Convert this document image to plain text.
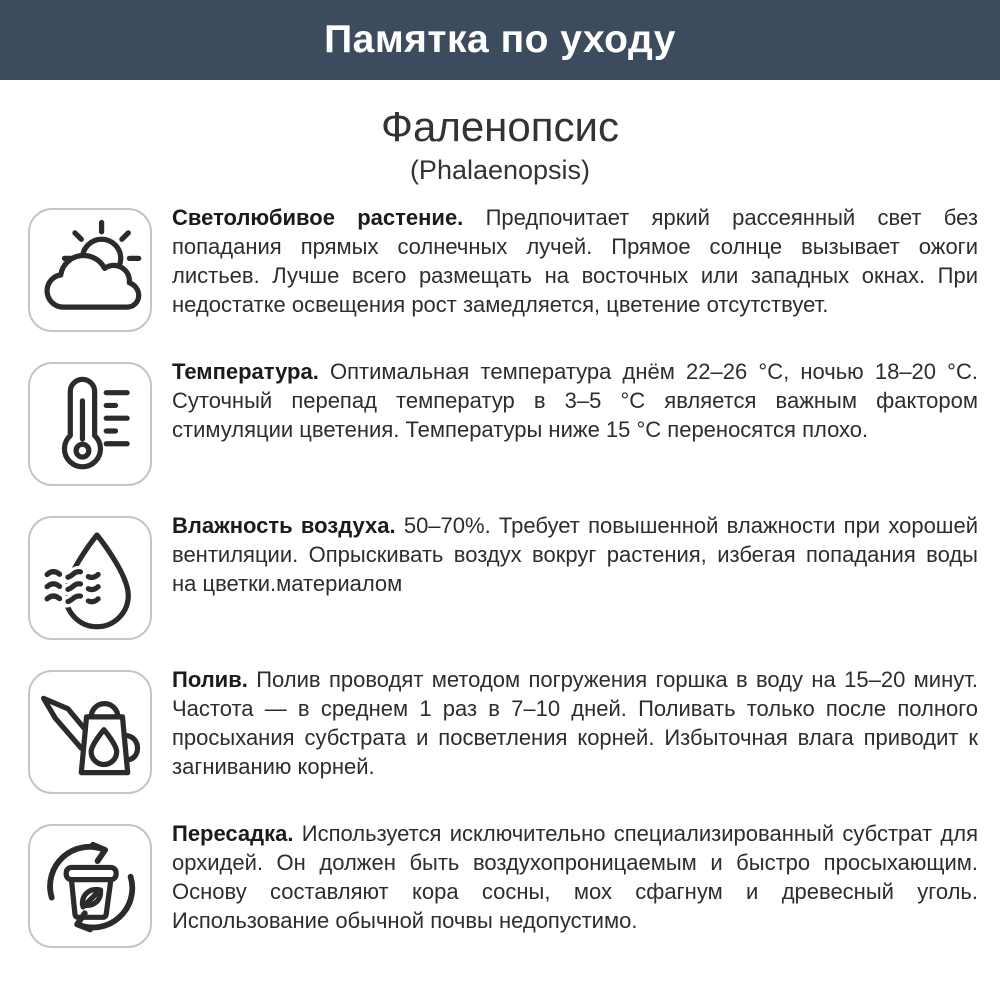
Памятка по уходу
Фаленопсис
(Phalaenopsis)

Светолюбивое растение. Предпочитает яркий рассеянный свет без попадания прямых солнечных лучей. Прямое солнце вызывает ожоги листьев. Лучше всего размещать на восточных или западных окнах. При недостатке освещения рост замедляется, цветение отсутствует.

Температура. Оптимальная температура днём 22–26 °C, ночью 18–20 °C. Суточный перепад температур в 3–5 °C является важным фактором стимуляции цветения. Температуры ниже 15 °C переносятся плохо.

Влажность воздуха. 50–70%. Требует повышенной влажности при хорошей вентиляции. Опрыскивать воздух вокруг растения, избегая попадания воды на цветки.материалом

Полив. Полив проводят методом погружения горшка в воду на 15–20 минут. Частота — в среднем 1 раз в 7–10 дней. Поливать только после полного просыхания субстрата и посветления корней. Избыточная влага приводит к загниванию корней.

Пересадка. Используется исключительно специализированный субстрат для орхидей. Он должен быть воздухопроницаемым и быстро просыхающим. Основу составляют кора сосны, мох сфагнум и древесный уголь. Использование обычной почвы недопустимо.
